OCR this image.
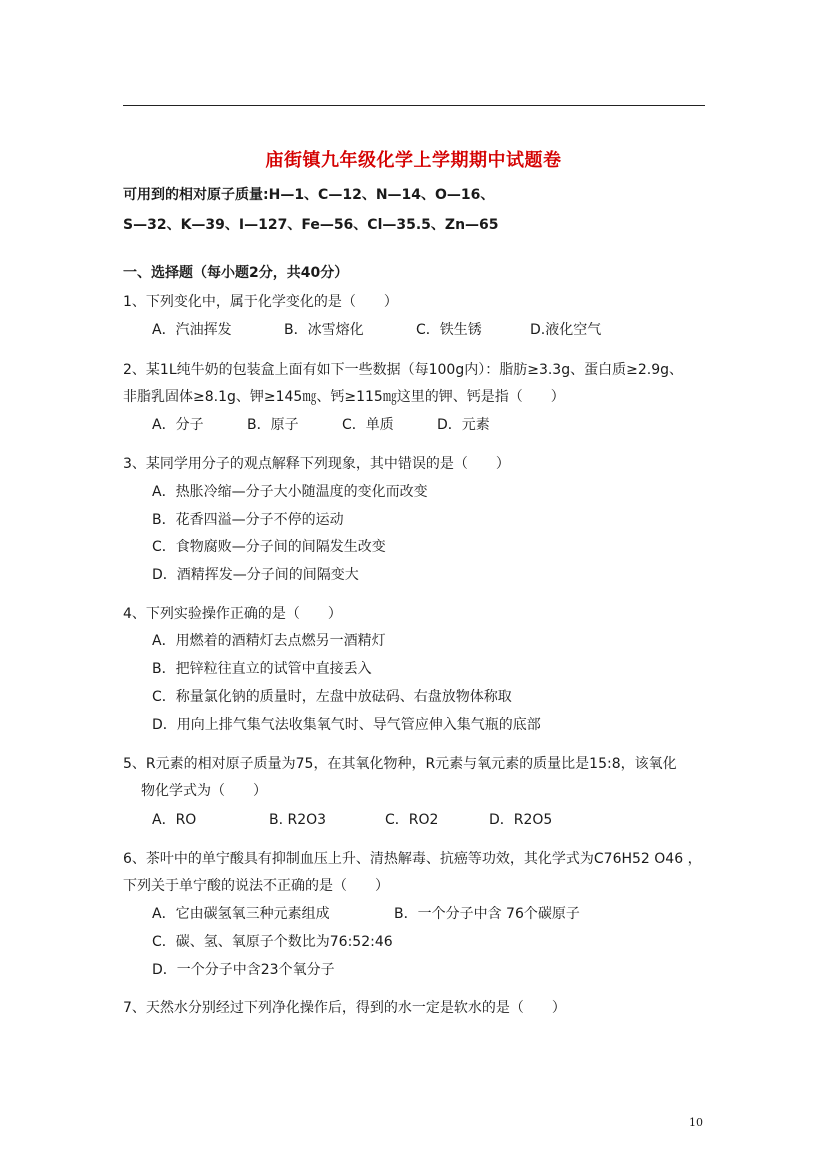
庙街镇九年级化学上学期期中试题卷
可用到的相对原子质量:H—1、C—12、N—14、O—16、
S—32、K—39、I—127、Fe—56、Cl—35.5、Zn—65
一、选择题（每小题2分，共40分）
1、下列变化中，属于化学变化的是（　　）
A．汽油挥发	B．冰雪熔化	C．铁生锈	D.液化空气
2、某1L纯牛奶的包装盒上面有如下一些数据（每100g内）：脂肪≥3.3g、蛋白质≥2.9g、
非脂乳固体≥8.1g、钾≥145㎎、钙≥115㎎这里的钾、钙是指（　　）
A．分子	B．原子	C．单质	D．元素
3、某同学用分子的观点解释下列现象，其中错误的是（　　）
A．热胀冷缩—分子大小随温度的变化而改变
B．花香四溢—分子不停的运动
C．食物腐败—分子间的间隔发生改变
D．酒精挥发—分子间的间隔变大
4、下列实验操作正确的是（　　）
A．用燃着的酒精灯去点燃另一酒精灯
B．把锌粒往直立的试管中直接丢入
C．称量氯化钠的质量时，左盘中放砝码、右盘放物体称取
D．用向上排气集气法收集氧气时、导气管应伸入集气瓶的底部
5、R元素的相对原子质量为75，在其氧化物种，R元素与氧元素的质量比是15:8，该氧化
物化学式为（　　）
A．RO	B. R2O3	C．RO2	D．R2O5
6、茶叶中的单宁酸具有抑制血压上升、清热解毒、抗癌等功效，其化学式为C76H52 O46 ，
下列关于单宁酸的说法不正确的是（　　）
A．它由碳氢氧三种元素组成	B．一个分子中含 76个碳原子
C．碳、氢、氧原子个数比为76:52:46
D．一个分子中含23个氧分子
7、天然水分别经过下列净化操作后，得到的水一定是软水的是（　　）
10
